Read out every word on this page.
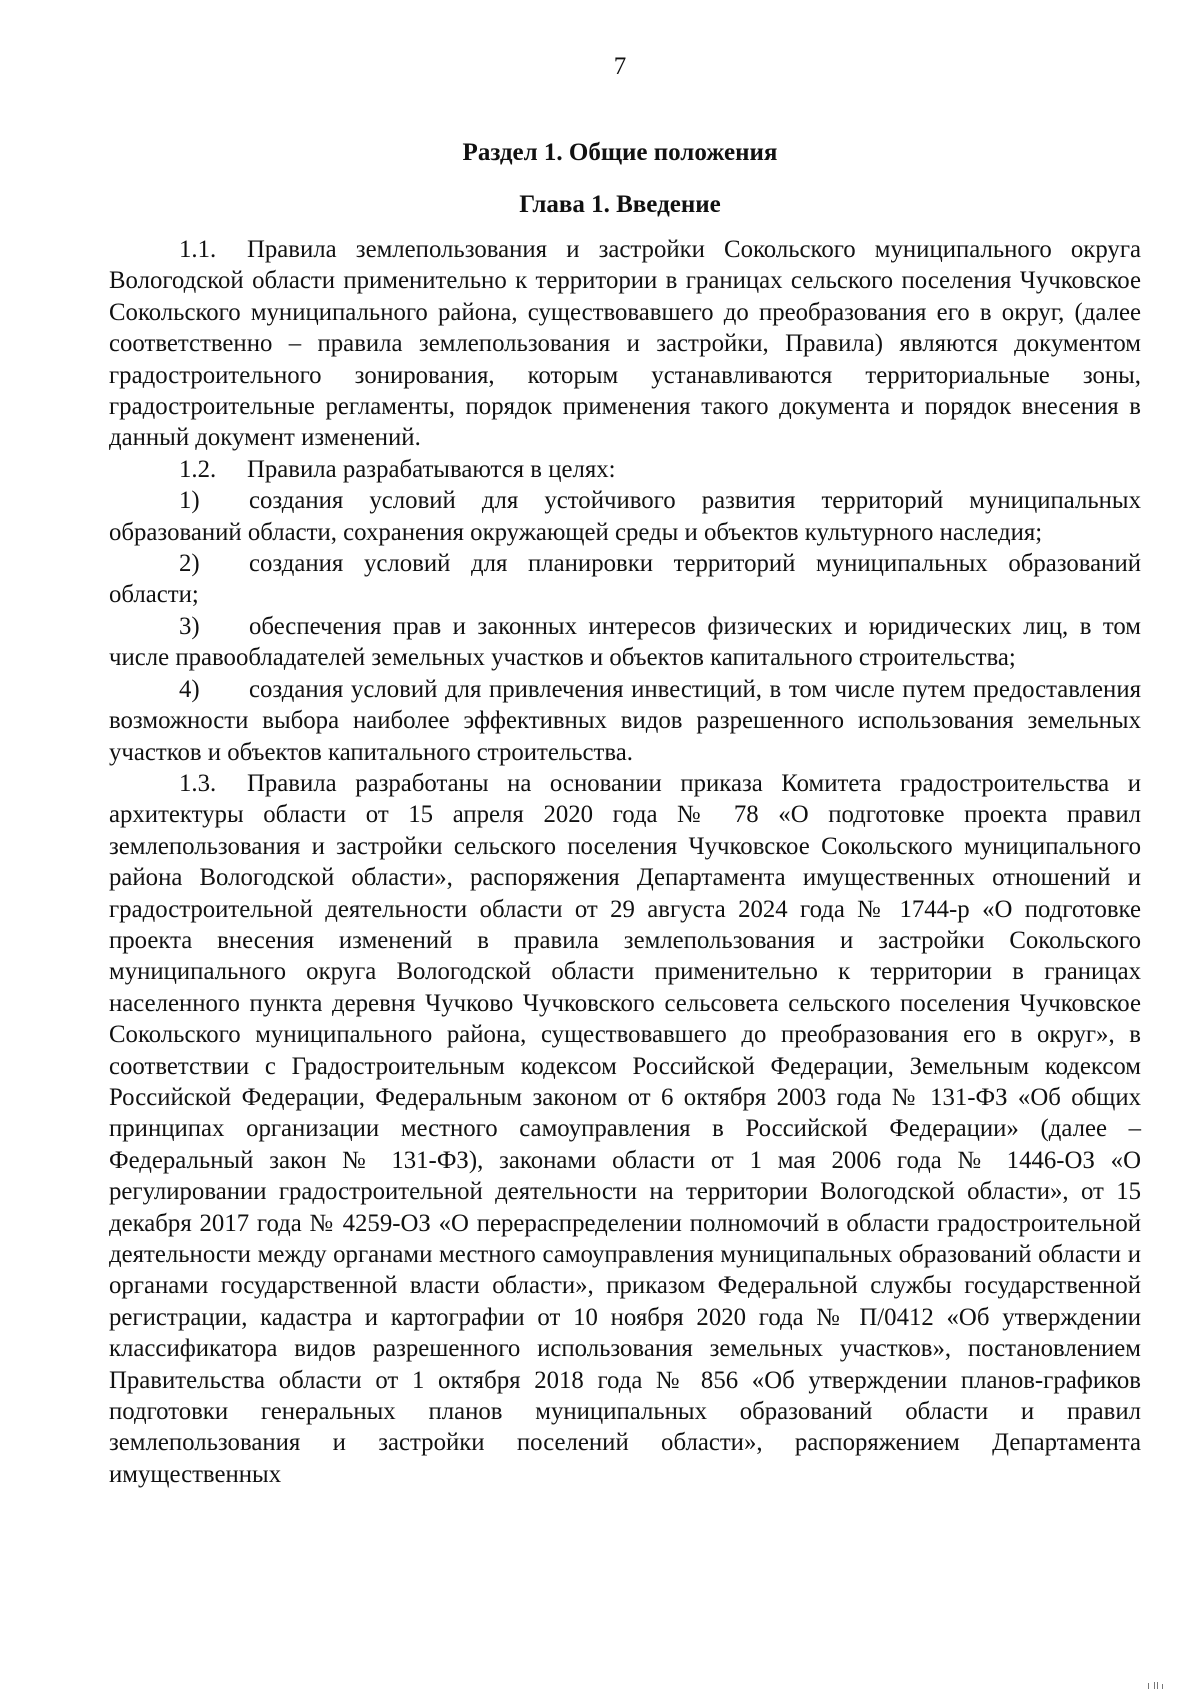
7
Раздел 1. Общие положения
Глава 1. Введение

1.1. Правила землепользования и застройки Сокольского муниципального округа Вологодской области применительно к территории в границах сельского поселения Чучковское Сокольского муниципального района, существовавшего до преобразования его в округ, (далее соответственно – правила землепользования и застройки, Правила) являются документом градостроительного зонирования, которым устанавливаются территориальные зоны, градостроительные регламенты, порядок применения такого документа и порядок внесения в данный документ изменений.

1.2. Правила разрабатываются в целях:

1) создания условий для устойчивого развития территорий муниципальных образований области, сохранения окружающей среды и объектов культурного наследия;

2) создания условий для планировки территорий муниципальных образований области;

3) обеспечения прав и законных интересов физических и юридических лиц, в том числе правообладателей земельных участков и объектов капитального строительства;

4) создания условий для привлечения инвестиций, в том числе путем предоставления возможности выбора наиболее эффективных видов разрешенного использования земельных участков и объектов капитального строительства.

1.3. Правила разработаны на основании приказа Комитета градостроительства и архитектуры области от 15 апреля 2020 года № 78 «О подготовке проекта правил землепользования и застройки сельского поселения Чучковское Сокольского муниципального района Вологодской области», распоряжения Департамента имущественных отношений и градостроительной деятельности области от 29 августа 2024 года № 1744-р «О подготовке проекта внесения изменений в правила землепользования и застройки Сокольского муниципального округа Вологодской области применительно к территории в границах населенного пункта деревня Чучково Чучковского сельсовета сельского поселения Чучковское Сокольского муниципального района, существовавшего до преобразования его в округ», в соответствии с Градостроительным кодексом Российской Федерации, Земельным кодексом Российской Федерации, Федеральным законом от 6 октября 2003 года № 131-ФЗ «Об общих принципах организации местного самоуправления в Российской Федерации» (далее – Федеральный закон № 131-ФЗ), законами области от 1 мая 2006 года № 1446-ОЗ «О регулировании градостроительной деятельности на территории Вологодской области», от 15 декабря 2017 года № 4259-ОЗ «О перераспределении полномочий в области градостроительной деятельности между органами местного самоуправления муниципальных образований области и органами государственной власти области», приказом Федеральной службы государственной регистрации, кадастра и картографии от 10 ноября 2020 года № П/0412 «Об утверждении классификатора видов разрешенного использования земельных участков», постановлением Правительства области от 1 октября 2018 года № 856 «Об утверждении планов-графиков подготовки генеральных планов муниципальных образований области и правил землепользования и застройки поселений области», распоряжением Департамента имущественных
